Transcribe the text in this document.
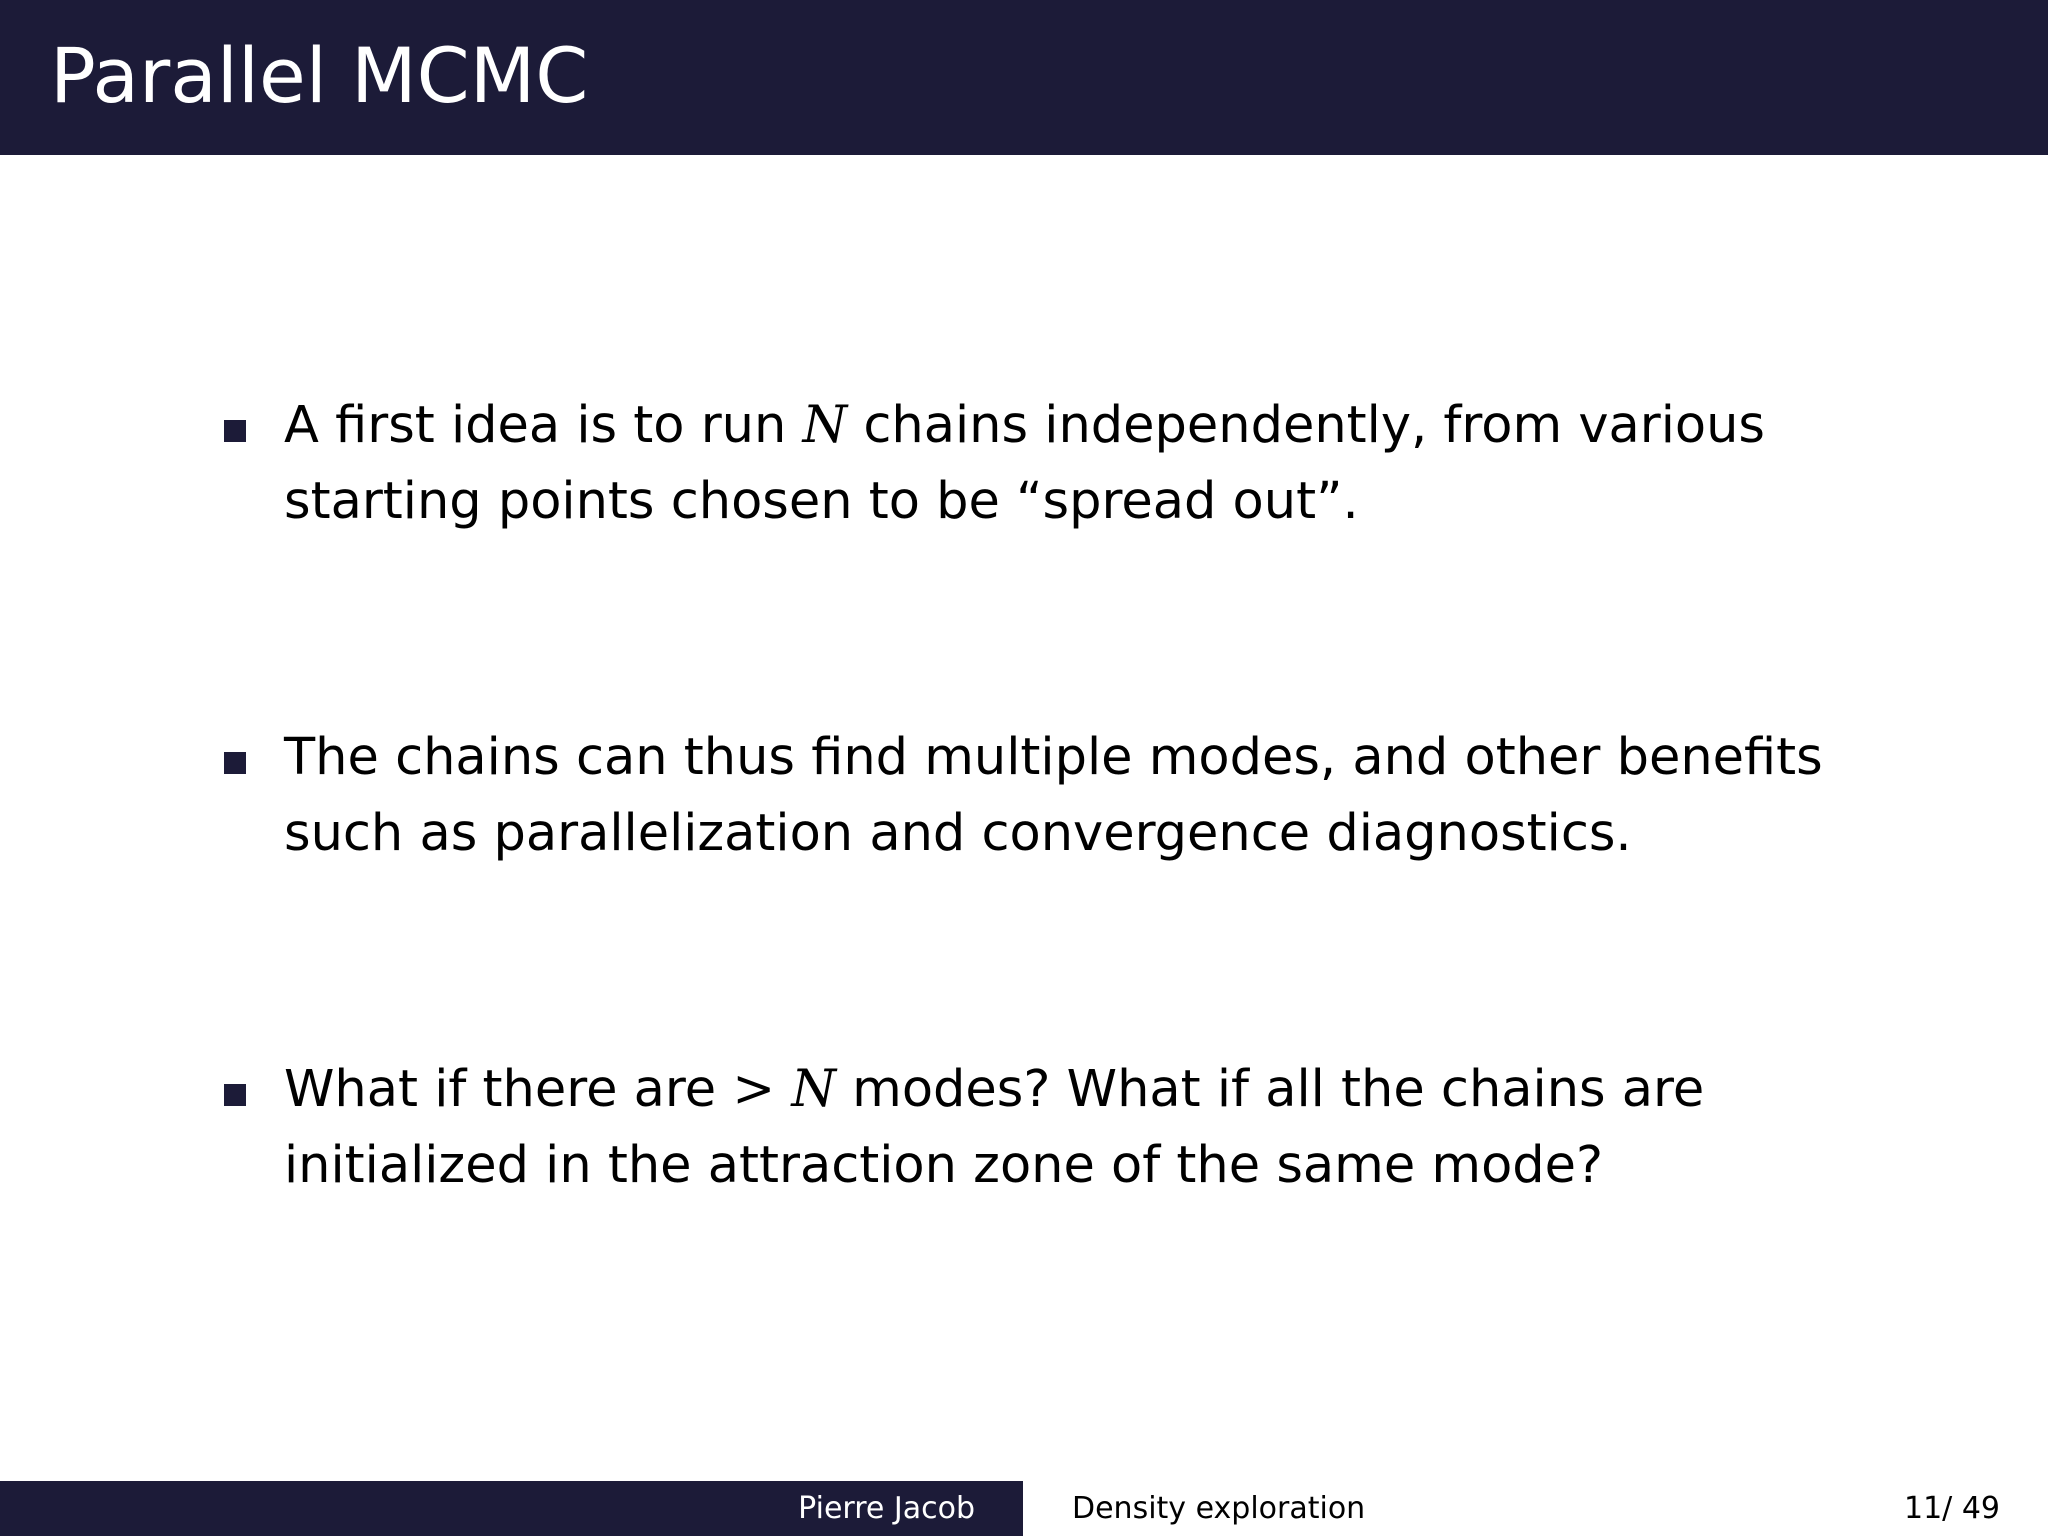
Parallel MCMC
A first idea is to run N chains independently, from various
starting points chosen to be “spread out”.
The chains can thus find multiple modes, and other benefits
such as parallelization and convergence diagnostics.
What if there are > N modes? What if all the chains are
initialized in the attraction zone of the same mode?
Pierre Jacob	Density exploration	11/ 49
